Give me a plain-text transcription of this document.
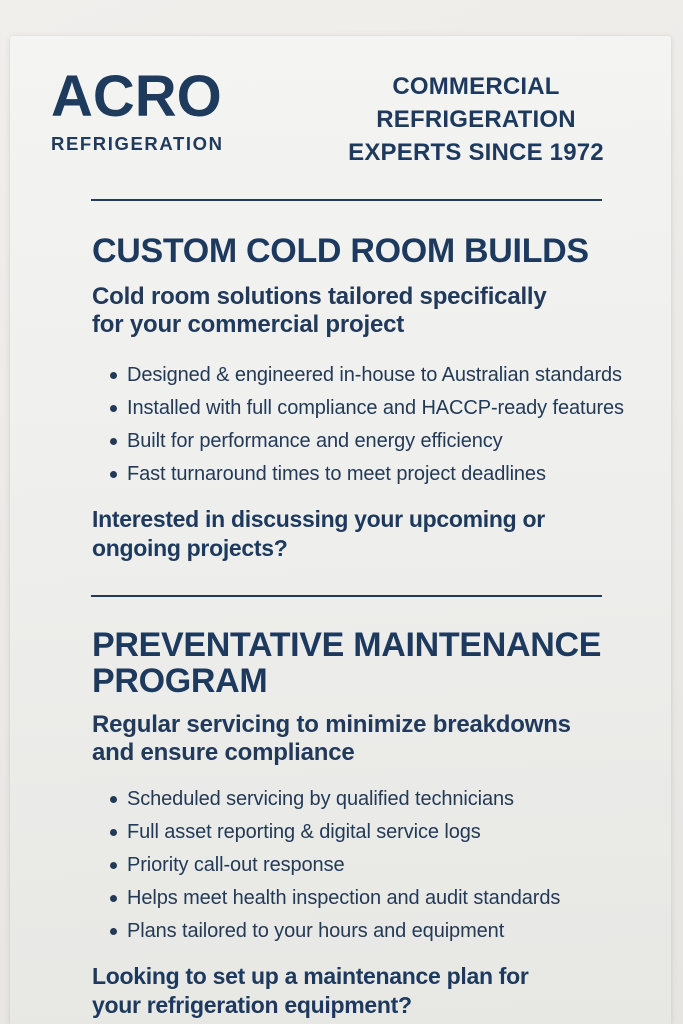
ACRO
REFRIGERATION
COMMERCIAL
REFRIGERATION
EXPERTS SINCE 1972
CUSTOM COLD ROOM BUILDS
Cold room solutions tailored specifically
for your commercial project
Designed & engineered in-house to Australian standards
Installed with full compliance and HACCP-ready features
Built for performance and energy efficiency
Fast turnaround times to meet project deadlines
Interested in discussing your upcoming or
ongoing projects?
PREVENTATIVE MAINTENANCE
PROGRAM
Regular servicing to minimize breakdowns
and ensure compliance
Scheduled servicing by qualified technicians
Full asset reporting & digital service logs
Priority call-out response
Helps meet health inspection and audit standards
Plans tailored to your hours and equipment
Looking to set up a maintenance plan for
your refrigeration equipment?
